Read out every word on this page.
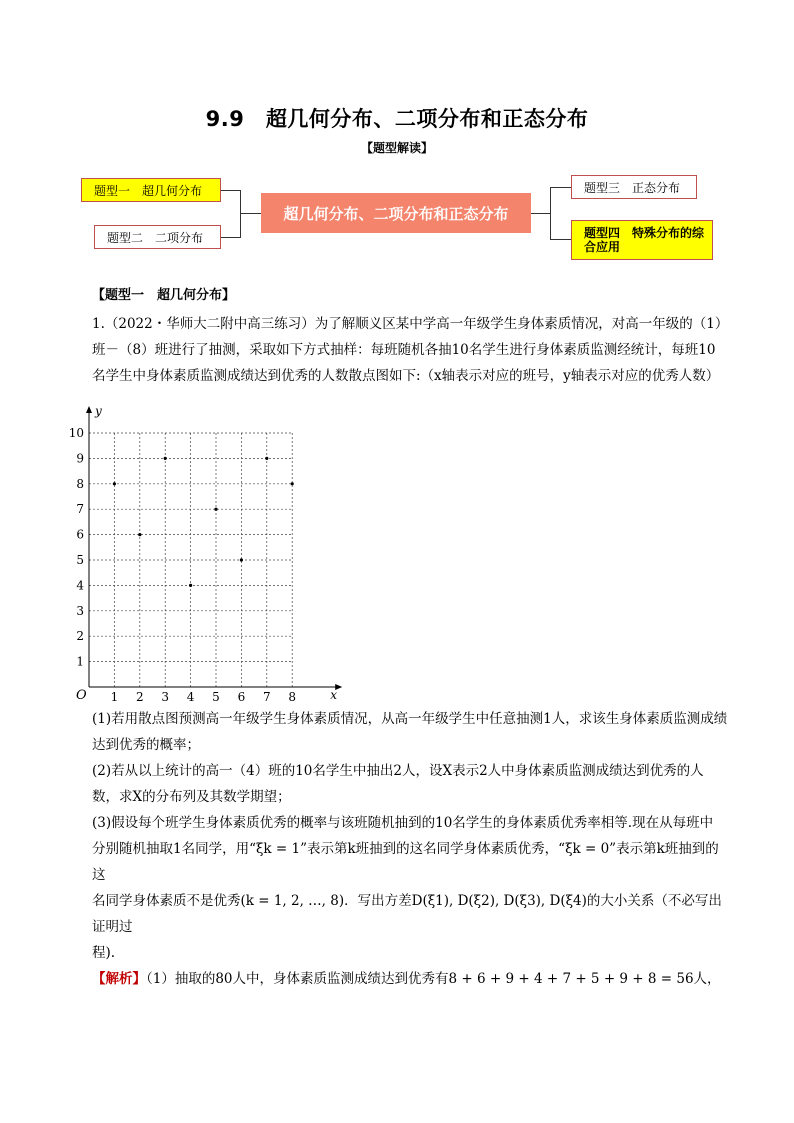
9.9　超几何分布、二项分布和正态分布
【题型解读】
题型一　超几何分布
题型二　二项分布
超几何分布、二项分布和正态分布
题型三　正态分布
题型四　特殊分布的综合应用
【题型一　超几何分布】
1.（2022・华师大二附中高三练习）为了解顺义区某中学高一年级学生身体素质情况，对高一年级的（1）
班－（8）班进行了抽测，采取如下方式抽样：每班随机各抽10名学生进行身体素质监测经统计，每班10
名学生中身体素质监测成绩达到优秀的人数散点图如下:（x轴表示对应的班号，y轴表示对应的优秀人数）
x
y
O 1 2 3 4 5 6 7 8
1
2
3
4
5
6
7
8
9
10
(1)若用散点图预测高一年级学生身体素质情况，从高一年级学生中任意抽测1人，求该生身体素质监测成绩
达到优秀的概率；
(2)若从以上统计的高一（4）班的10名学生中抽出2人，设X表示2人中身体素质监测成绩达到优秀的人
数，求X的分布列及其数学期望；
(3)假设每个班学生身体素质优秀的概率与该班随机抽到的10名学生的身体素质优秀率相等.现在从每班中
分别随机抽取1名同学，用“ξk = 1”表示第k班抽到的这名同学身体素质优秀，“ξk = 0”表示第k班抽到的这
名同学身体素质不是优秀(k = 1, 2, …, 8)．写出方差D(ξ1), D(ξ2), D(ξ3), D(ξ4)的大小关系（不必写出证明过
程).
【解析】（1）抽取的80人中，身体素质监测成绩达到优秀有8 + 6 + 9 + 4 + 7 + 5 + 9 + 8 = 56人，
